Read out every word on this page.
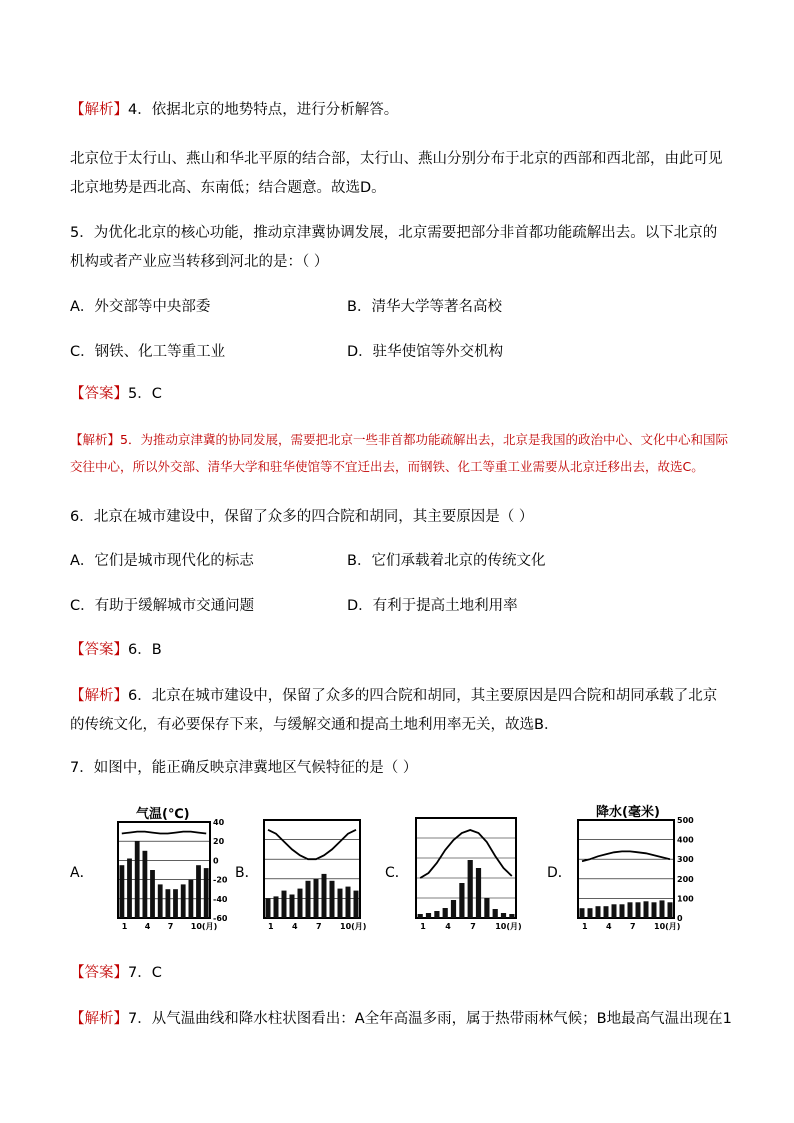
【解析】4．依据北京的地势特点，进行分析解答。

北京位于太行山、燕山和华北平原的结合部，太行山、燕山分别分布于北京的西部和西北部，由此可见北京地势是西北高、东南低；结合题意。故选D。

5．为优化北京的核心功能，推动京津冀协调发展，北京需要把部分非首都功能疏解出去。以下北京的机构或者产业应当转移到河北的是：（ ）

A．外交部等中央部委	B．清华大学等著名高校
C．钢铁、化工等重工业	D．驻华使馆等外交机构
【答案】5．C

【解析】5．为推动京津冀的协同发展，需要把北京一些非首都功能疏解出去，北京是我国的政治中心、文化中心和国际交往中心，所以外交部、清华大学和驻华使馆等不宜迁出去，而钢铁、化工等重工业需要从北京迁移出去，故选C。

6．北京在城市建设中，保留了众多的四合院和胡同，其主要原因是（ ）
A．它们是城市现代化的标志	B．它们承载着北京的传统文化
C．有助于缓解城市交通问题	D．有利于提高土地利用率
【答案】6．B

【解析】6．北京在城市建设中，保留了众多的四合院和胡同，其主要原因是四合院和胡同承载了北京的传统文化，有必要保存下来，与缓解交通和提高土地利用率无关，故选B．

7．如图中，能正确反映京津冀地区气候特征的是（ ）
A．	B．	C．	D．
气温(℃)
40
20
0
-20
-40
-60
1 4 7 10(月)	1 4 7 10(月)	1 4 7 10(月)
降水(毫米)
500
400
300
200
100
0
1 4 7 10(月)
【答案】7．C

【解析】7．从气温曲线和降水柱状图看出：A全年高温多雨，属于热带雨林气候；B地最高气温出现在1
